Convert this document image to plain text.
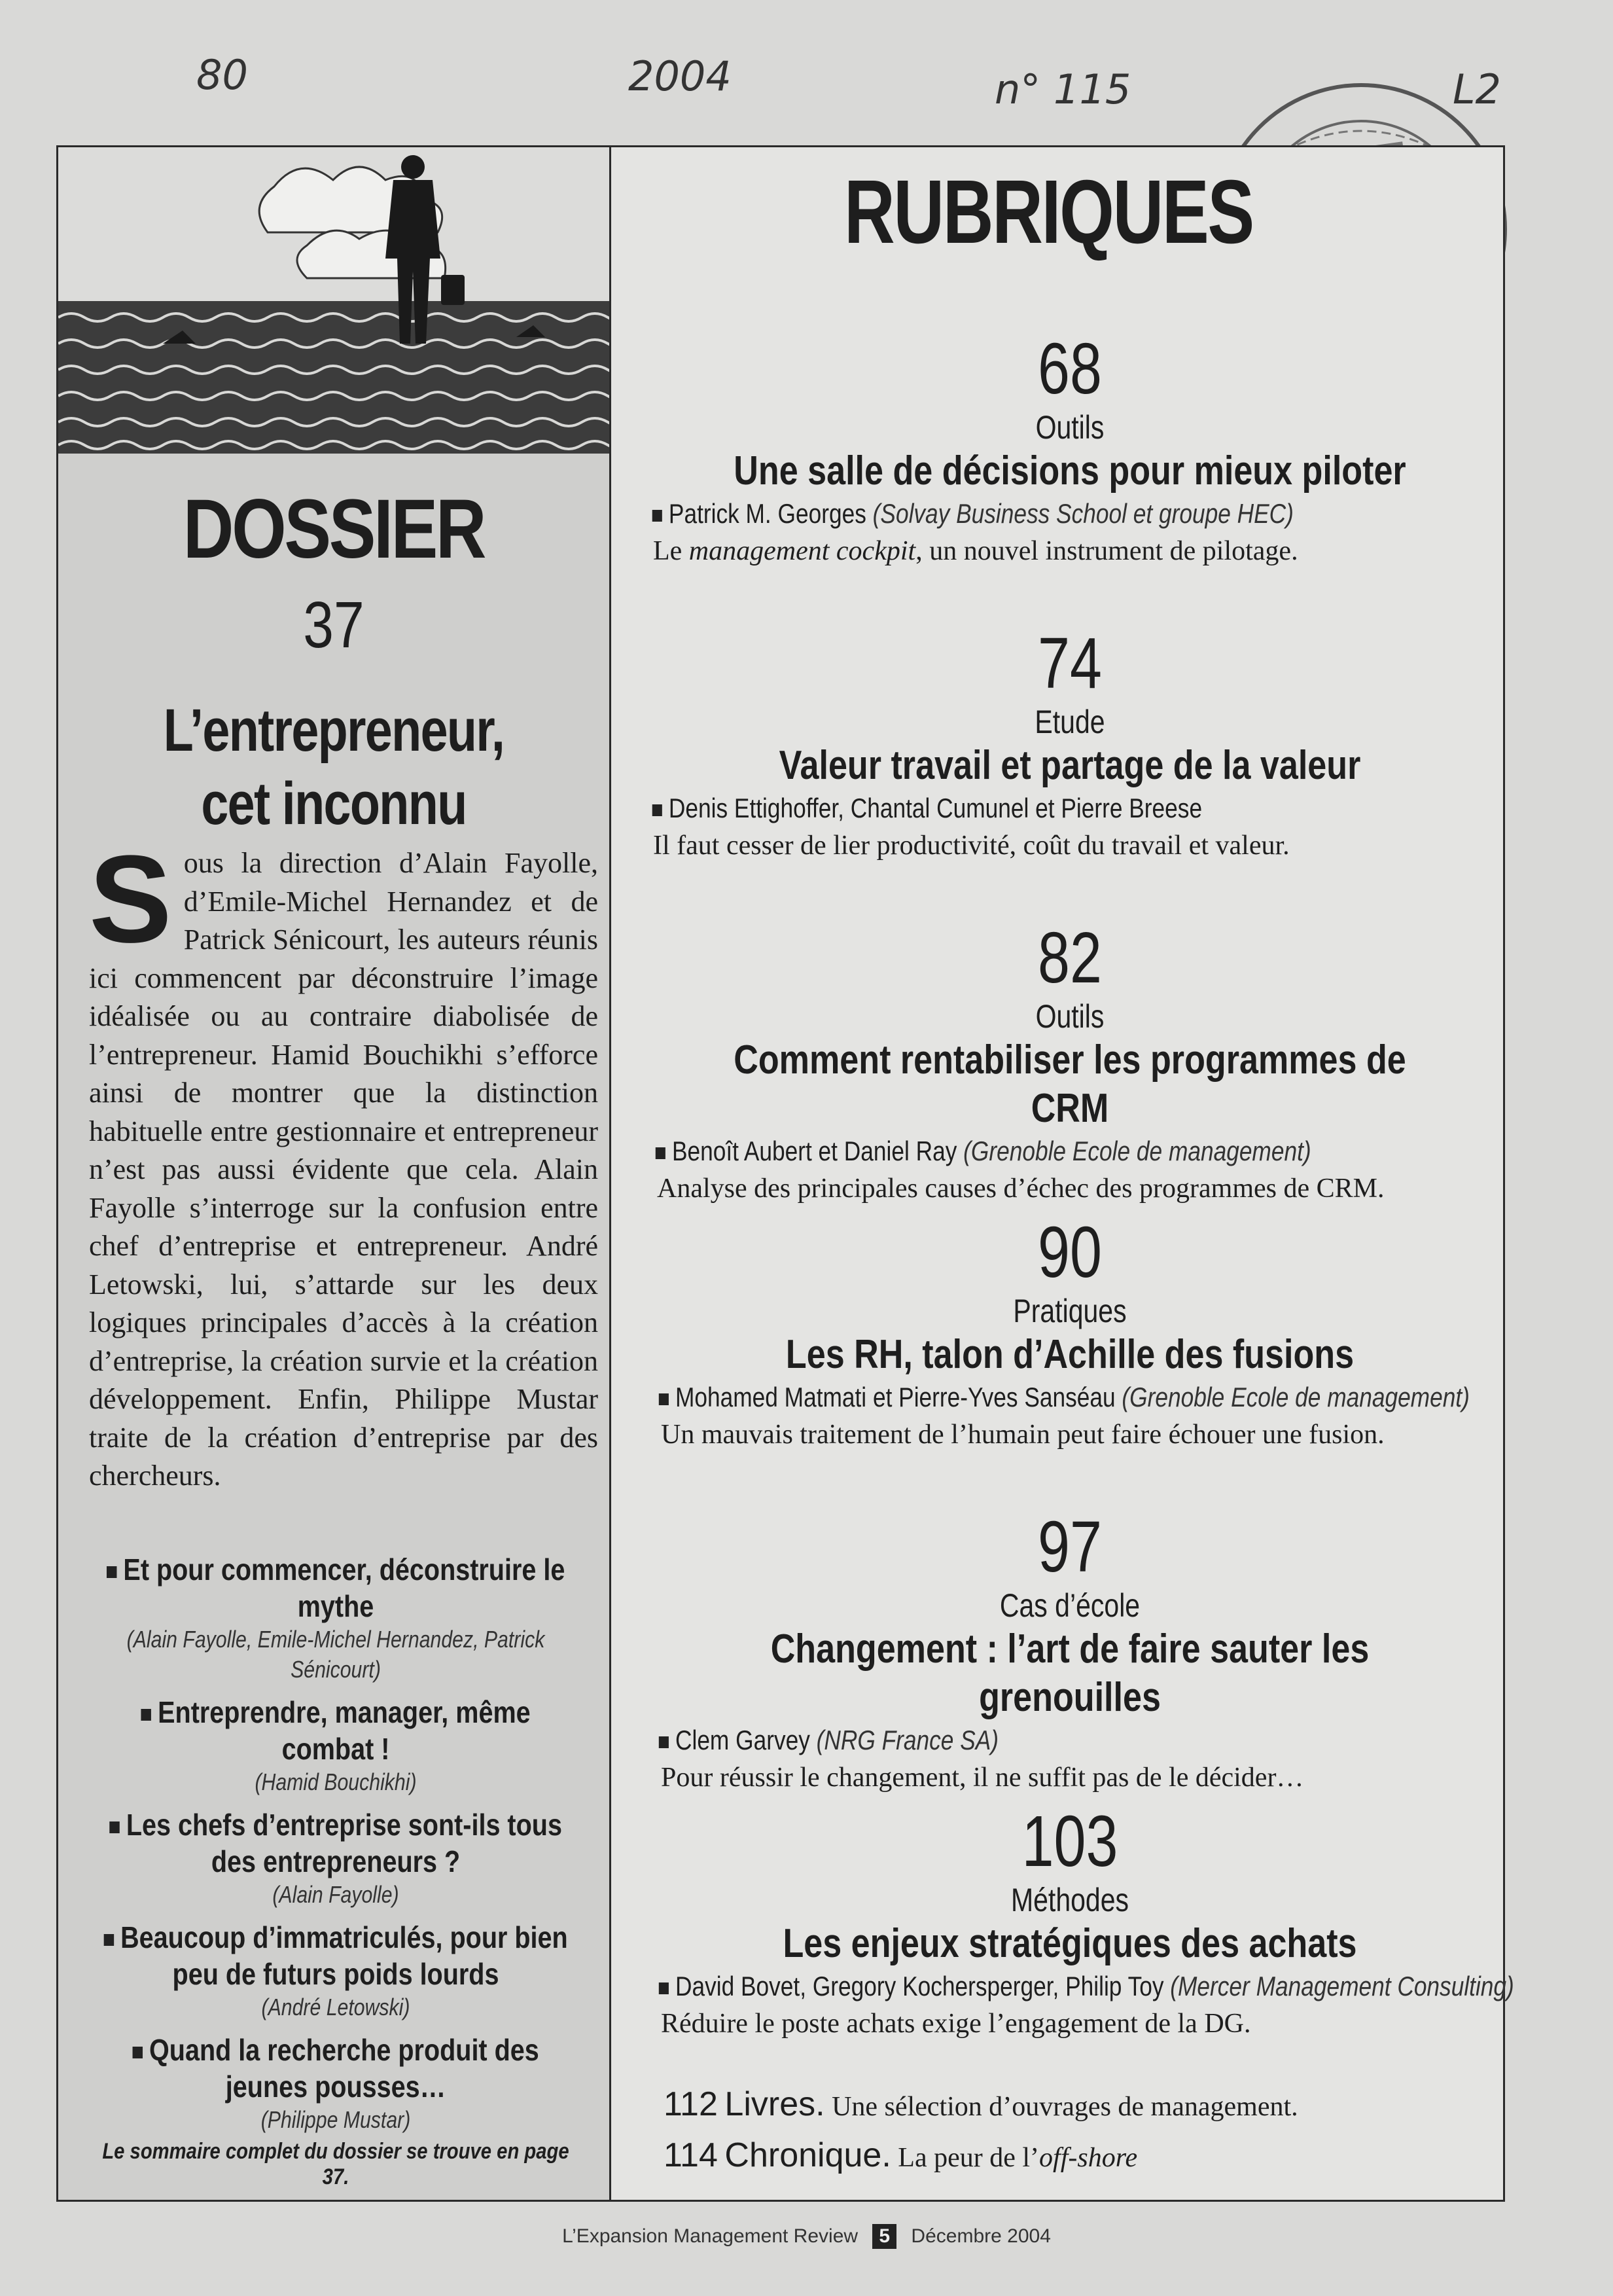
80	2004	n° 115	L2
DOSSIER
37
L’entrepreneur,
cet inconnu
S ous la direction d’Alain Fayolle, d’Emile-Michel Hernandez et de Patrick Sénicourt, les auteurs réunis ici commencent par déconstruire l’image idéalisée ou au contraire diabolisée de l’entrepreneur. Hamid Bouchikhi s’efforce ainsi de montrer que la distinction habituelle entre gestionnaire et entrepreneur n’est pas aussi évidente que cela. Alain Fayolle s’interroge sur la confusion entre chef d’entreprise et entrepreneur. André Letowski, lui, s’attarde sur les deux logiques principales d’accès à la création d’entreprise, la création survie et la création développement. Enfin, Philippe Mustar traite de la création d’entreprise par des chercheurs.
Et pour commencer, déconstruire le mythe
(Alain Fayolle, Emile-Michel Hernandez, Patrick Sénicourt)
Entreprendre, manager, même combat !
(Hamid Bouchikhi)
Les chefs d’entreprise sont-ils tous des entrepreneurs ?
(Alain Fayolle)
Beaucoup d’immatriculés, pour bien peu de futurs poids lourds
(André Letowski)
Quand la recherche produit des jeunes pousses…
(Philippe Mustar)
Le sommaire complet du dossier se trouve en page 37.
RUBRIQUES
68
Outils
Une salle de décisions pour mieux piloter
Patrick M. Georges (Solvay Business School et groupe HEC)
Le management cockpit, un nouvel instrument de pilotage.
74
Etude
Valeur travail et partage de la valeur
Denis Ettighoffer, Chantal Cumunel et Pierre Breese
Il faut cesser de lier productivité, coût du travail et valeur.
82
Outils
Comment rentabiliser les programmes de CRM
Benoît Aubert et Daniel Ray (Grenoble Ecole de management)
Analyse des principales causes d’échec des programmes de CRM.
90
Pratiques
Les RH, talon d’Achille des fusions
Mohamed Matmati et Pierre-Yves Sanséau (Grenoble Ecole de management)
Un mauvais traitement de l’humain peut faire échouer une fusion.
97
Cas d’école
Changement : l’art de faire sauter les grenouilles
Clem Garvey (NRG France SA)
Pour réussir le changement, il ne suffit pas de le décider…
103
Méthodes
Les enjeux stratégiques des achats
David Bovet, Gregory Kochersperger, Philip Toy (Mercer Management Consulting)
Réduire le poste achats exige l’engagement de la DG.
112 Livres. Une sélection d’ouvrages de management.
114 Chronique. La peur de l’off-shore
L’Expansion Management Review 5 Décembre 2004
